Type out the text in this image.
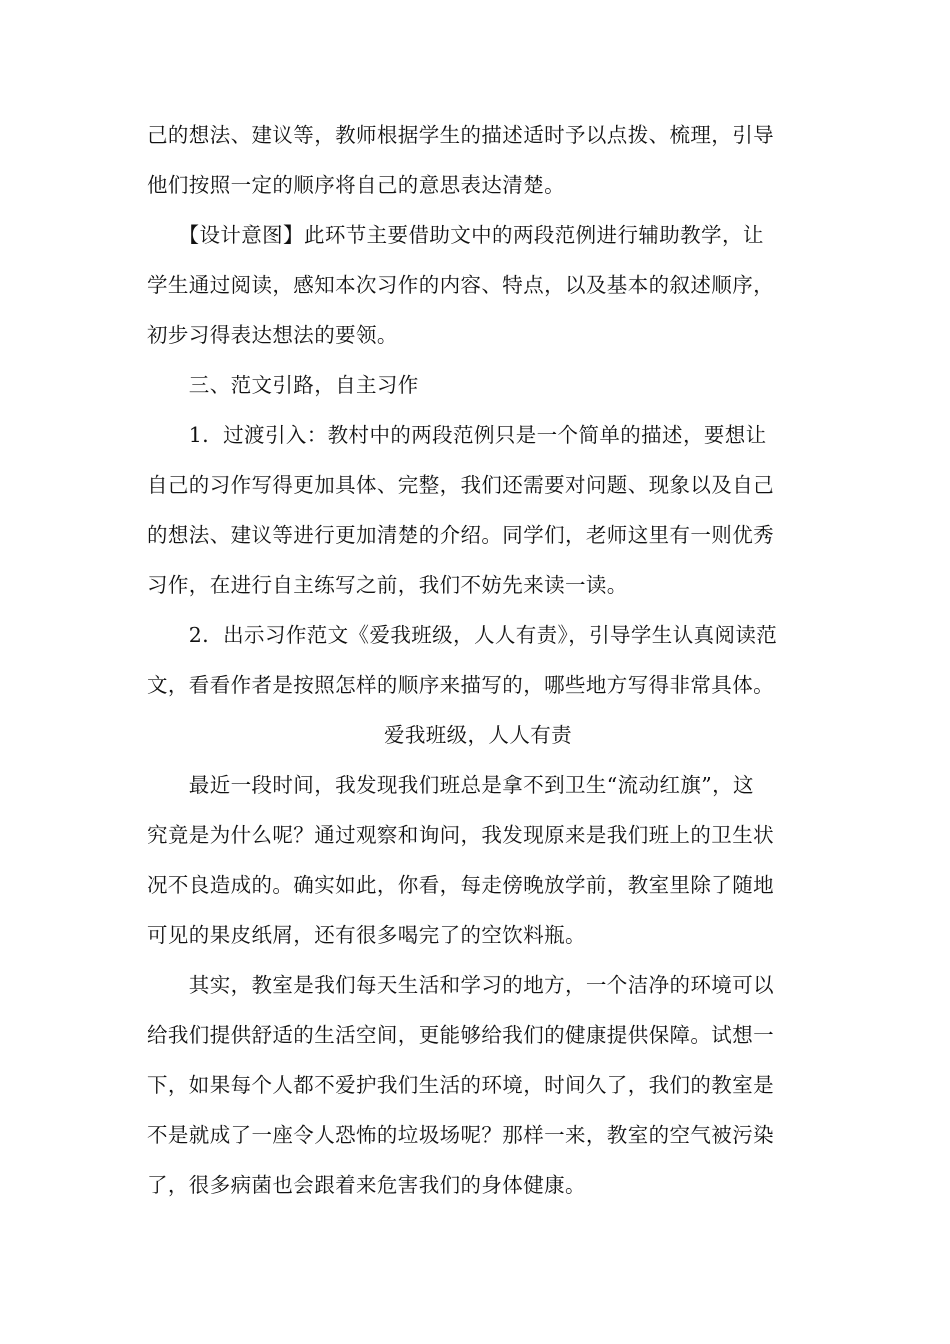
己的想法、建议等，教师根据学生的描述适时予以点拨、梳理，引导
他们按照一定的顺序将自己的意思表达清楚。
　　【设计意图】此环节主要借助文中的两段范例进行辅助教学，让
学生通过阅读，感知本次习作的内容、特点，以及基本的叙述顺序，
初步习得表达想法的要领。
　　三、范文引路，自主习作
　　1．过渡引入：教村中的两段范例只是一个简单的描述，要想让
自己的习作写得更加具体、完整，我们还需要对问题、现象以及自己
的想法、建议等进行更加清楚的介绍。同学们，老师这里有一则优秀
习作，在进行自主练写之前，我们不妨先来读一读。
　　2．出示习作范文《爱我班级，人人有责》，引导学生认真阅读范
文，看看作者是按照怎样的顺序来描写的，哪些地方写得非常具体。
爱我班级，人人有责
　　最近一段时间，我发现我们班总是拿不到卫生“流动红旗”，这
究竟是为什么呢？通过观察和询问，我发现原来是我们班上的卫生状
况不良造成的。确实如此，你看，每走傍晚放学前，教室里除了随地
可见的果皮纸屑，还有很多喝完了的空饮料瓶。
　　其实，教室是我们每天生活和学习的地方，一个洁净的环境可以
给我们提供舒适的生活空间，更能够给我们的健康提供保障。试想一
下，如果每个人都不爱护我们生活的环境，时间久了，我们的教室是
不是就成了一座令人恐怖的垃圾场呢？那样一来，教室的空气被污染
了，很多病菌也会跟着来危害我们的身体健康。
